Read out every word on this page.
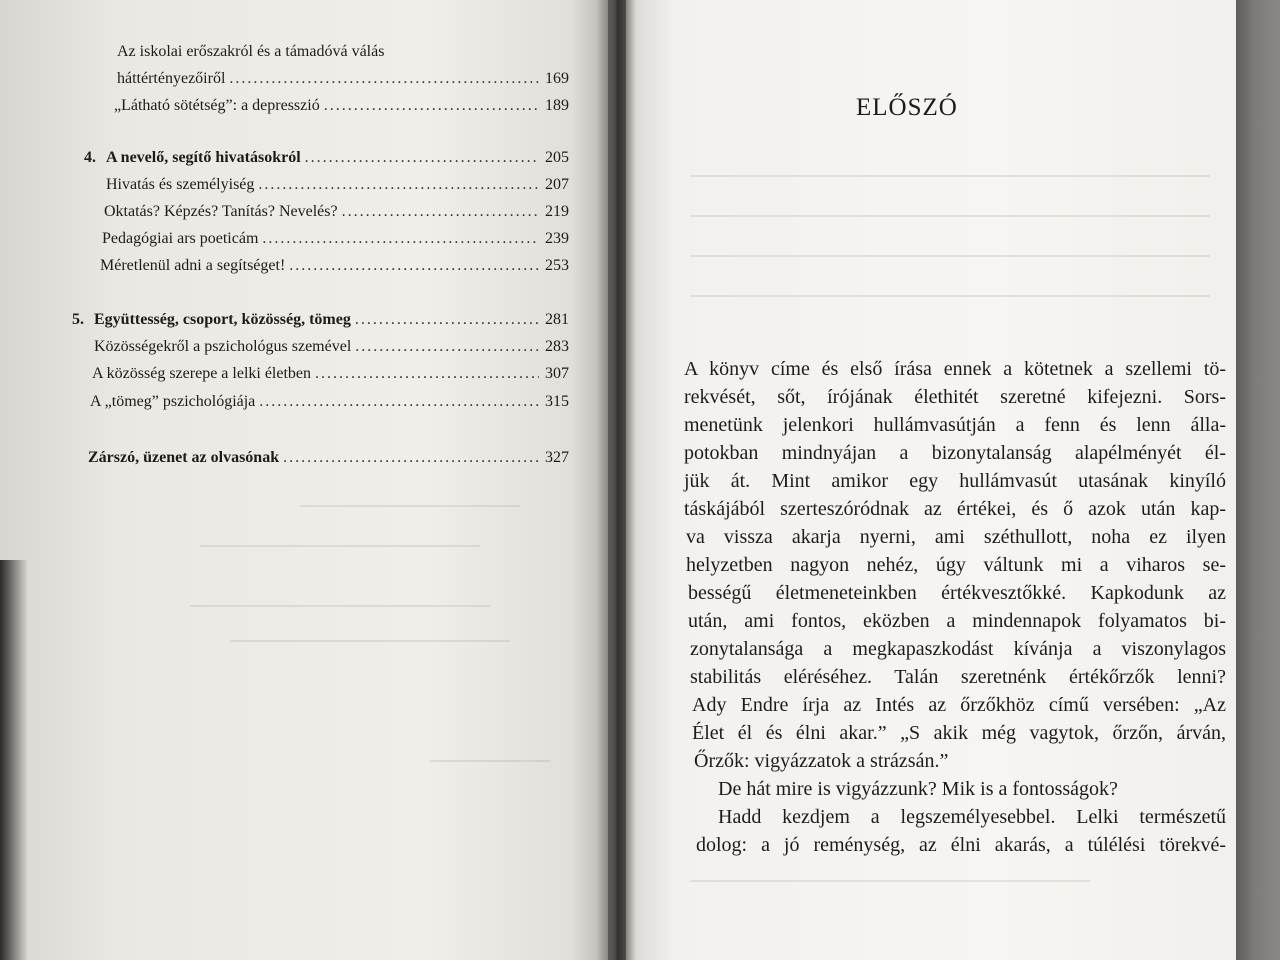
Az iskolai erőszakról és a támadóvá válás
háttértényezőiről .....	169
„Látható sötétség”: a depresszió .....	189
4. A nevelő, segítő hivatásokról .....	205
Hivatás és személyiség .....	207
Oktatás? Képzés? Tanítás? Nevelés? .....	219
Pedagógiai ars poeticám .....	239
Méretlenül adni a segítséget! .....	253
5. Együttesség, csoport, közösség, tömeg .....	281
Közösségekről a pszichológus szemével .....	283
A közösség szerepe a lelki életben .....	307
A „tömeg” pszichológiája .....	315
Zárszó, üzenet az olvasónak .....	327
ELŐSZÓ
A könyv címe és első írása ennek a kötetnek a szellemi tö-
rekvését, sőt, írójának élethitét szeretné kifejezni. Sors-
menetünk jelenkori hullámvasútján a fenn és lenn álla-
potokban mindnyájan a bizonytalanság alapélményét él-
jük át. Mint amikor egy hullámvasút utasának kinyíló
táskájából szerteszóródnak az értékei, és ő azok után kap-
va vissza akarja nyerni, ami széthullott, noha ez ilyen
helyzetben nagyon nehéz, úgy váltunk mi a viharos se-
bességű életmeneteinkben értékvesztőkké. Kapkodunk az
után, ami fontos, eközben a mindennapok folyamatos bi-
zonytalansága a megkapaszkodást kívánja a viszonylagos
stabilitás eléréséhez. Talán szeretnénk értékőrzők lenni?
Ady Endre írja az Intés az őrzőkhöz című versében: „Az
Élet él és élni akar.” „S akik még vagytok, őrzőn, árván,
Őrzők: vigyázzatok a strázsán.”
De hát mire is vigyázzunk? Mik is a fontosságok?
Hadd kezdjem a legszemélyesebbel. Lelki természetű
dolog: a jó reménység, az élni akarás, a túlélési törekvé-
